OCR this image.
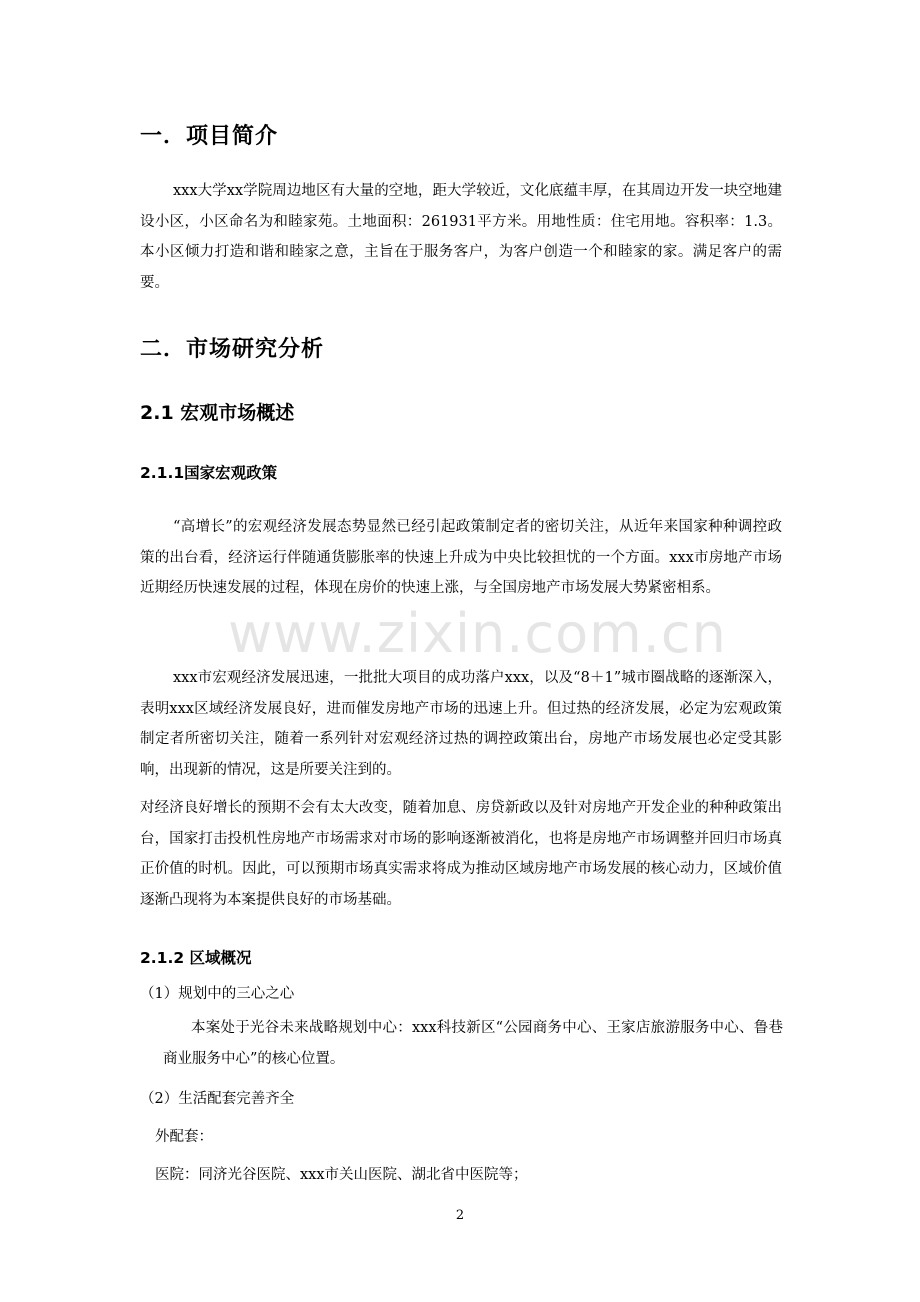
www.zixin.com.cn
一．项目简介

xxx大学xx学院周边地区有大量的空地，距大学较近，文化底蕴丰厚，在其周边开发一块空地建设小区，小区命名为和睦家苑。土地面积：261931平方米。用地性质：住宅用地。容积率：1.3。本小区倾力打造和谐和睦家之意，主旨在于服务客户，为客户创造一个和睦家的家。满足客户的需要。

二．市场研究分析
2.1 宏观市场概述
2.1.1国家宏观政策

“高增长”的宏观经济发展态势显然已经引起政策制定者的密切关注，从近年来国家种种调控政策的出台看，经济运行伴随通货膨胀率的快速上升成为中央比较担忧的一个方面。xxx市房地产市场近期经历快速发展的过程，体现在房价的快速上涨，与全国房地产市场发展大势紧密相系。

xxx市宏观经济发展迅速，一批批大项目的成功落户xxx，以及“8＋1”城市圈战略的逐渐深入，表明xxx区域经济发展良好，进而催发房地产市场的迅速上升。但过热的经济发展，必定为宏观政策制定者所密切关注，随着一系列针对宏观经济过热的调控政策出台，房地产市场发展也必定受其影响，出现新的情况，这是所要关注到的。

对经济良好增长的预期不会有太大改变，随着加息、房贷新政以及针对房地产开发企业的种种政策出台，国家打击投机性房地产市场需求对市场的影响逐渐被消化，也将是房地产市场调整并回归市场真正价值的时机。因此，可以预期市场真实需求将成为推动区域房地产市场发展的核心动力，区域价值逐渐凸现将为本案提供良好的市场基础。

2.1.2 区域概况
（1）规划中的三心之心

本案处于光谷未来战略规划中心：xxx科技新区“公园商务中心、王家店旅游服务中心、鲁巷商业服务中心”的核心位置。

（2）生活配套完善齐全
外配套：
医院：同济光谷医院、xxx市关山医院、湖北省中医院等；
2
